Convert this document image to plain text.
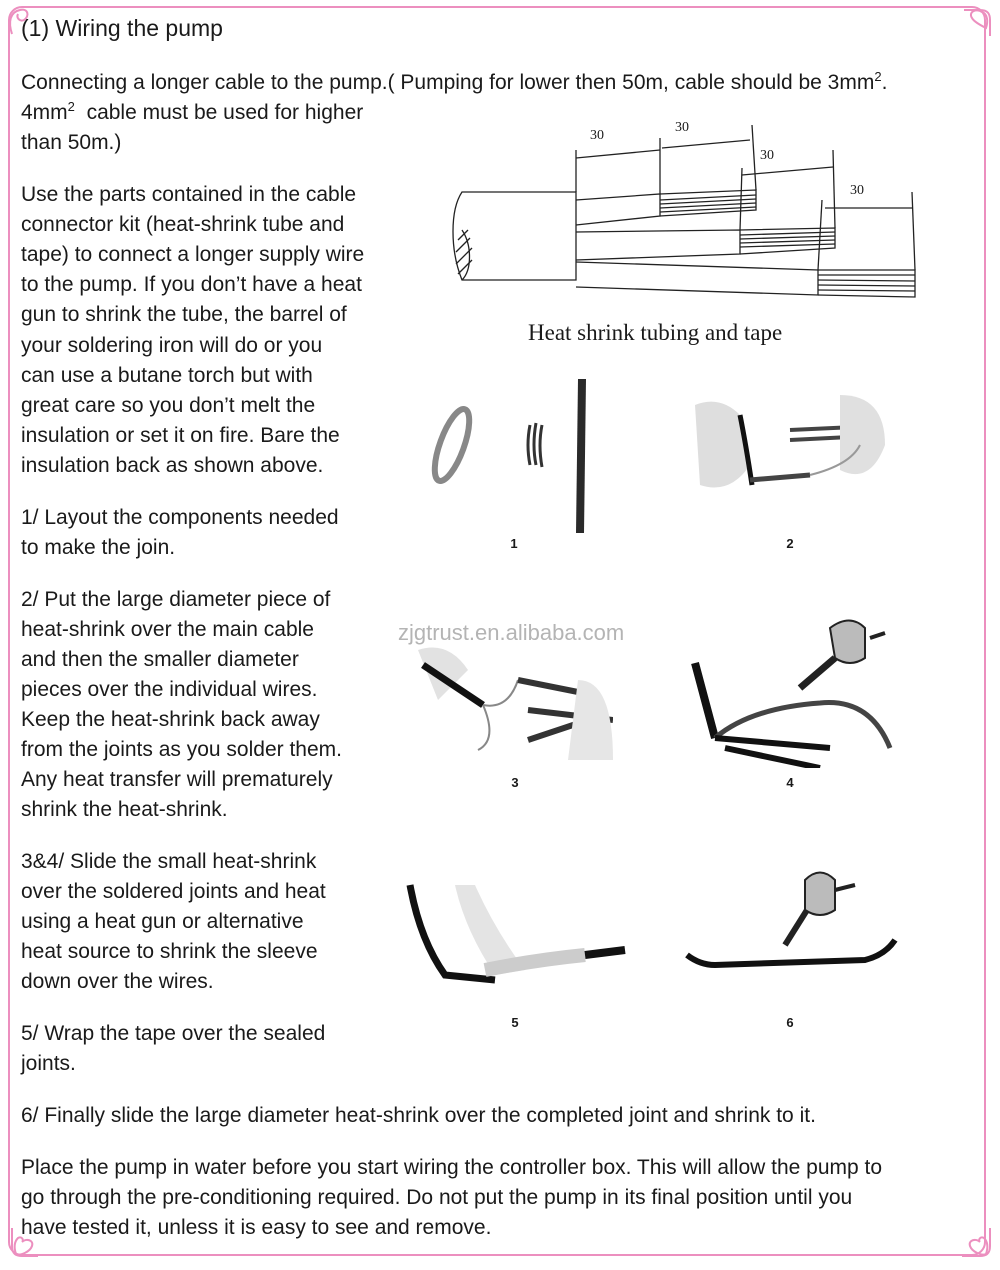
(1) Wiring the pump
Connecting a longer cable to the pump.( Pumping for lower then 50m, cable should be $3mm^2$.
$4mm^2$  cable must be used for higher
than 50m.)
Use the parts contained in the cable
connector kit (heat-shrink tube and
tape) to connect a longer supply wire
to the pump. If you don’t have a heat
gun to shrink the tube, the barrel of
your soldering iron will do or you
can use a butane torch but with
great care so you don’t melt the
insulation or set it on fire. Bare the
insulation back as shown above.
1/ Layout the components needed
to make the join.
2/ Put the large diameter piece of
heat-shrink over the main cable
and then the smaller diameter
pieces over the individual wires.
Keep the heat-shrink back away
from the joints as you solder them.
Any heat transfer will prematurely
shrink the heat-shrink.
3&4/ Slide the small heat-shrink
over the soldered joints and heat
using a heat gun or alternative
heat source to shrink the sleeve
down over the wires.
5/ Wrap the tape over the sealed
joints.
6/ Finally slide the large diameter heat-shrink over the completed joint and shrink to it.
Place the pump in water before you start wiring the controller box. This will allow the pump to
go through the pre-conditioning required. Do not put the pump in its final position until you
have tested it, unless it is easy to see and remove.
30
30
30
30
Heat shrink tubing and tape
zjgtrust.en.alibaba.com
1	2
3	4
5	6
